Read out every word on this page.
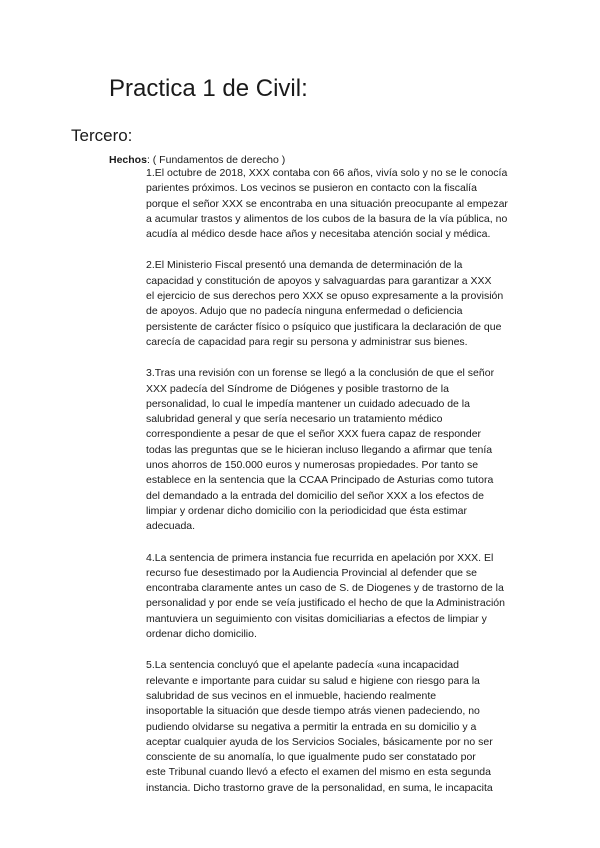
Practica 1 de Civil:
Tercero:

Hechos: ( Fundamentos de derecho )

1.El octubre de 2018, XXX contaba con 66 años, vivía solo y no se le conocía
parientes próximos. Los vecinos se pusieron en contacto con la fiscalía
porque el señor XXX se encontraba en una situación preocupante al empezar
a acumular trastos y alimentos de los cubos de la basura de la vía pública, no
acudía al médico desde hace años y necesitaba atención social y médica.

2.El Ministerio Fiscal presentó una demanda de determinación de la
capacidad y constitución de apoyos y salvaguardas para garantizar a XXX
el ejercicio de sus derechos pero XXX se opuso expresamente a la provisión
de apoyos. Adujo que no padecía ninguna enfermedad o deficiencia
persistente de carácter físico o psíquico que justificara la declaración de que
carecía de capacidad para regir su persona y administrar sus bienes.

3.Tras una revisión con un forense se llegó a la conclusión de que el señor
XXX padecía del Síndrome de Diógenes y posible trastorno de la
personalidad, lo cual le impedía mantener un cuidado adecuado de la
salubridad general y que sería necesario un tratamiento médico
correspondiente a pesar de que el señor XXX fuera capaz de responder
todas las preguntas que se le hicieran incluso llegando a afirmar que tenía
unos ahorros de 150.000 euros y numerosas propiedades. Por tanto se
establece en la sentencia que la CCAA Principado de Asturias como tutora
del demandado a la entrada del domicilio del señor XXX a los efectos de
limpiar y ordenar dicho domicilio con la periodicidad que ésta estimar
adecuada.

4.La sentencia de primera instancia fue recurrida en apelación por XXX. El
recurso fue desestimado por la Audiencia Provincial al defender que se
encontraba claramente antes un caso de S. de Diogenes y de trastorno de la
personalidad y por ende se veía justificado el hecho de que la Administración
mantuviera un seguimiento con visitas domiciliarias a efectos de limpiar y
ordenar dicho domicilio.

5.La sentencia concluyó que el apelante padecía «una incapacidad
relevante e importante para cuidar su salud e higiene con riesgo para la
salubridad de sus vecinos en el inmueble, haciendo realmente
insoportable la situación que desde tiempo atrás vienen padeciendo, no
pudiendo olvidarse su negativa a permitir la entrada en su domicilio y a
aceptar cualquier ayuda de los Servicios Sociales, básicamente por no ser
consciente de su anomalía, lo que igualmente pudo ser constatado por
este Tribunal cuando llevó a efecto el examen del mismo en esta segunda
instancia. Dicho trastorno grave de la personalidad, en suma, le incapacita
